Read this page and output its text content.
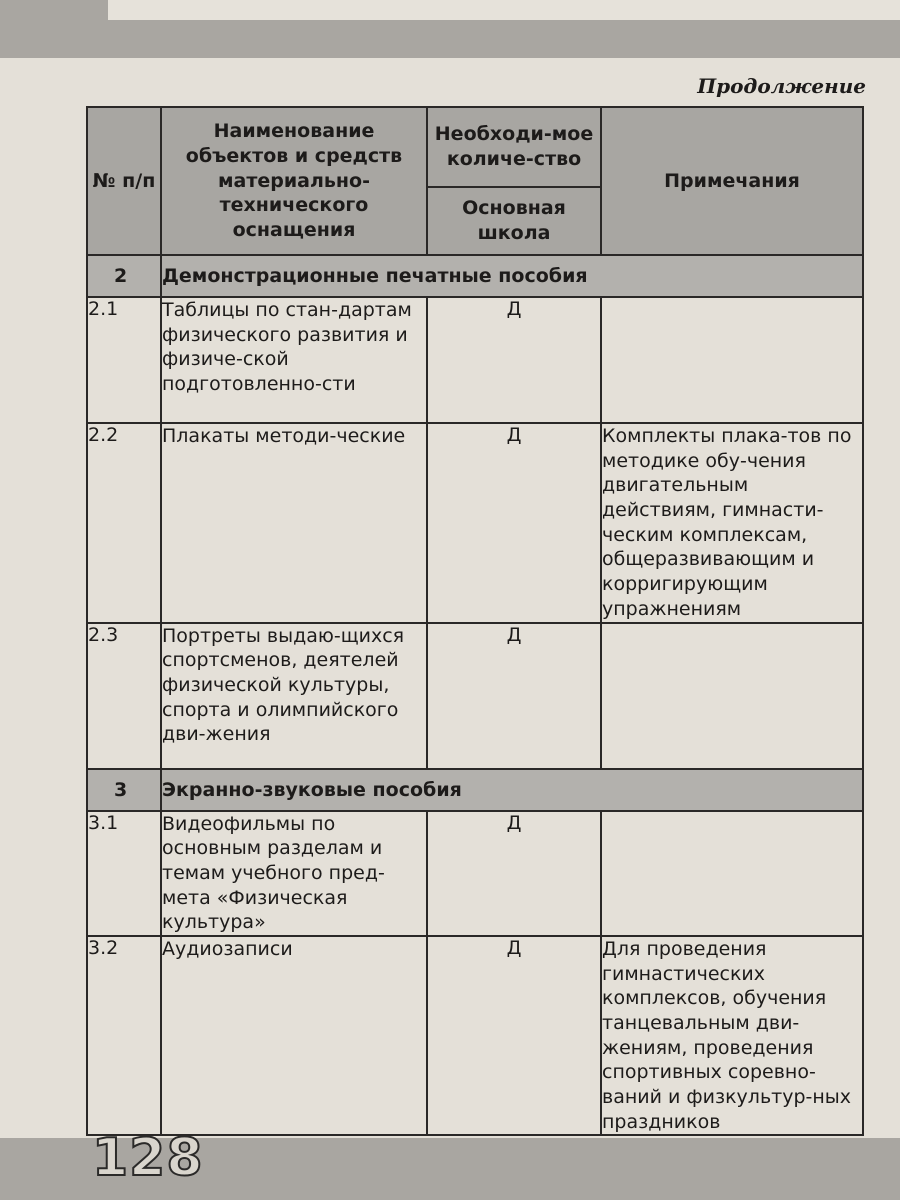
Продолжение
№ п/п	Наименование объектов и средств материально-технического оснащения	Необходи-мое количе-ство	Примечания
		Основная школа	
2	Демонстрационные печатные пособия		
2.1	Таблицы по стан-дартам физического развития и физиче-ской подготовленно-сти	Д	
2.2	Плакаты методи-ческие	Д	Комплекты плака-тов по методике обу-чения двигательным действиям, гимнасти-ческим комплексам, общеразвивающим и корригирующим упражнениям
2.3	Портреты выдаю-щихся спортсменов, деятелей физической культуры, спорта и олимпийского дви-жения	Д	
3	Экранно-звуковые пособия		
3.1	Видеофильмы по основным разделам и темам учебного пред-мета «Физическая культура»	Д	
3.2	Аудиозаписи	Д	Для проведения гимнастических комплексов, обучения танцевальным дви-жениям, проведения спортивных соревно-ваний и физкультур-ных праздников
128
